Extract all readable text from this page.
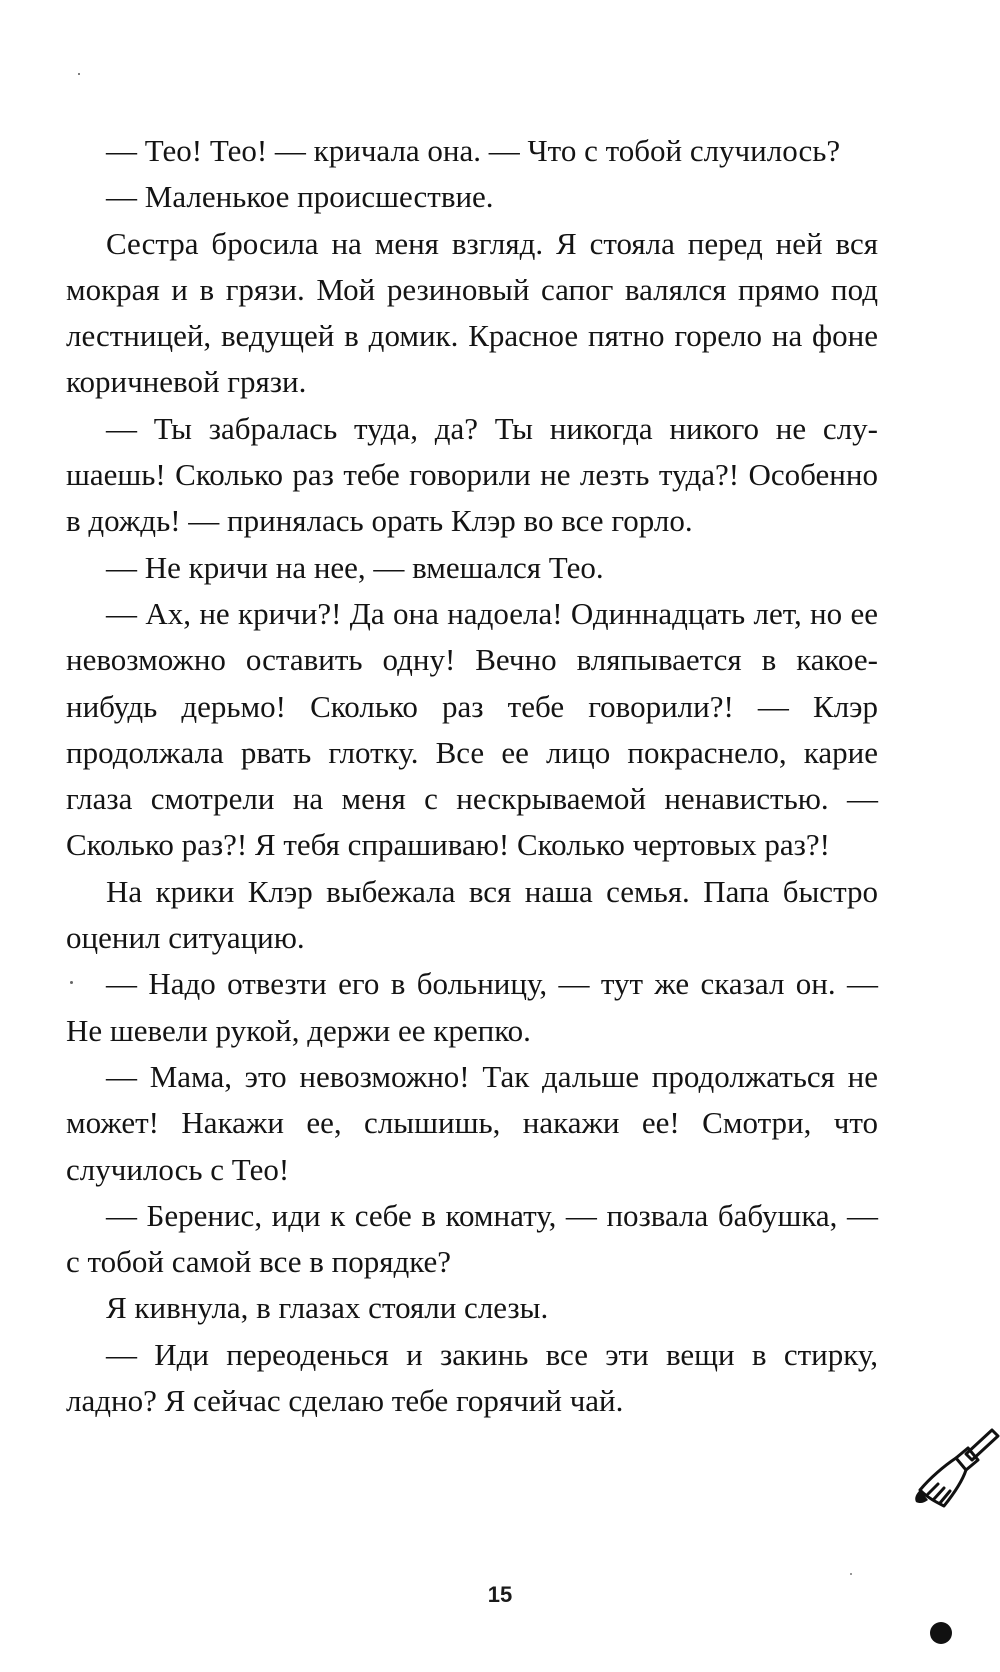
— Тео! Тео! — кричала она. — Что с тобой случилось?

— Маленькое происшествие.

Сестра бросила на меня взгляд. Я стояла перед ней вся мокрая и в грязи. Мой резиновый сапог валялся прямо под лестницей, ведущей в домик. Красное пятно горело на фоне коричневой грязи.

— Ты забралась туда, да? Ты никогда никого не слушаешь! Сколько раз тебе говорили не лезть туда?! Особенно в дождь! — принялась орать Клэр во все горло.

— Не кричи на нее, — вмешался Тео.

— Ах, не кричи?! Да она надоела! Одиннадцать лет, но ее невозможно оставить одну! Вечно вляпывается в какое-нибудь дерьмо! Сколько раз тебе говорили?! — Клэр продолжала рвать глотку. Все ее лицо покраснело, карие глаза смотрели на меня с нескрываемой ненавистью. — Сколько раз?! Я тебя спрашиваю! Сколько чертовых раз?!

На крики Клэр выбежала вся наша семья. Папа быстро оценил ситуацию.

— Надо отвезти его в больницу, — тут же сказал он. — Не шевели рукой, держи ее крепко.

— Мама, это невозможно! Так дальше продолжаться не может! Накажи ее, слышишь, накажи ее! Смотри, что случилось с Тео!

— Беренис, иди к себе в комнату, — позвала бабушка, — с тобой самой все в порядке?

Я кивнула, в глазах стояли слезы.

— Иди переоденься и закинь все эти вещи в стирку, ладно? Я сейчас сделаю тебе горячий чай.

15
